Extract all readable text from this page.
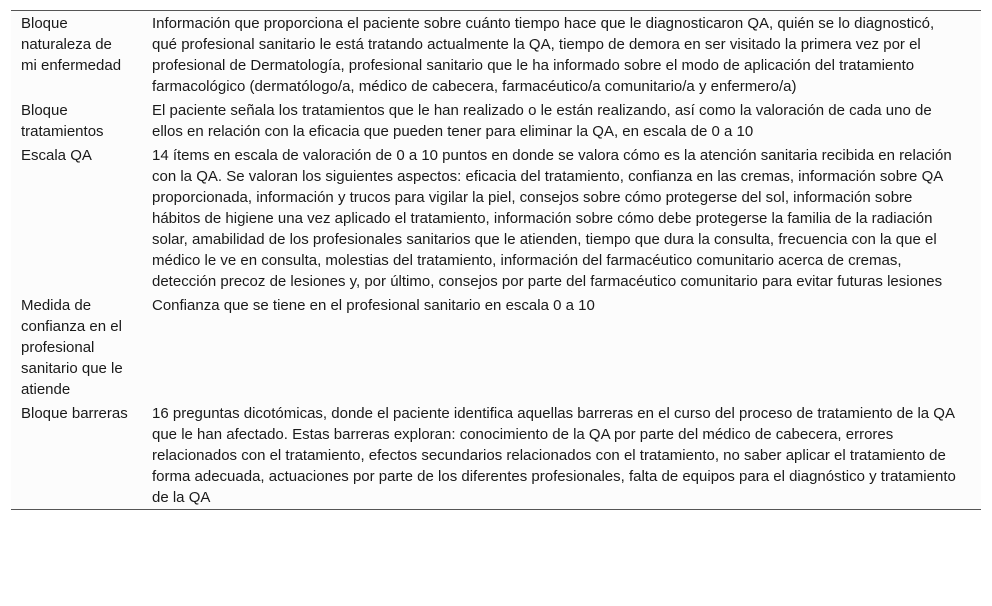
Bloque naturaleza de mi enfermedad	Información que proporciona el paciente sobre cuánto tiempo hace que le diagnosticaron QA, quién se lo diagnosticó, qué profesional sanitario le está tratando actualmente la QA, tiempo de demora en ser visitado la primera vez por el profesional de Dermatología, profesional sanitario que le ha informado sobre el modo de aplicación del tratamiento farmacológico (dermatólogo/a, médico de cabecera, farmacéutico/a comunitario/a y enfermero/a)
Bloque tratamientos	El paciente señala los tratamientos que le han realizado o le están realizando, así como la valoración de cada uno de ellos en relación con la eficacia que pueden tener para eliminar la QA, en escala de 0 a 10
Escala QA	14 ítems en escala de valoración de 0 a 10 puntos en donde se valora cómo es la atención sanitaria recibida en relación con la QA. Se valoran los siguientes aspectos: eficacia del tratamiento, confianza en las cremas, información sobre QA proporcionada, información y trucos para vigilar la piel, consejos sobre cómo protegerse del sol, información sobre hábitos de higiene una vez aplicado el tratamiento, información sobre cómo debe protegerse la familia de la radiación solar, amabilidad de los profesionales sanitarios que le atienden, tiempo que dura la consulta, frecuencia con la que el médico le ve en consulta, molestias del tratamiento, información del farmacéutico comunitario acerca de cremas, detección precoz de lesiones y, por último, consejos por parte del farmacéutico comunitario para evitar futuras lesiones
Medida de confianza en el profesional sanitario que le atiende	Confianza que se tiene en el profesional sanitario en escala 0 a 10
Bloque barreras	16 preguntas dicotómicas, donde el paciente identifica aquellas barreras en el curso del proceso de tratamiento de la QA que le han afectado. Estas barreras exploran: conocimiento de la QA por parte del médico de cabecera, errores relacionados con el tratamiento, efectos secundarios relacionados con el tratamiento, no saber aplicar el tratamiento de forma adecuada, actuaciones por parte de los diferentes profesionales, falta de equipos para el diagnóstico y tratamiento de la QA
